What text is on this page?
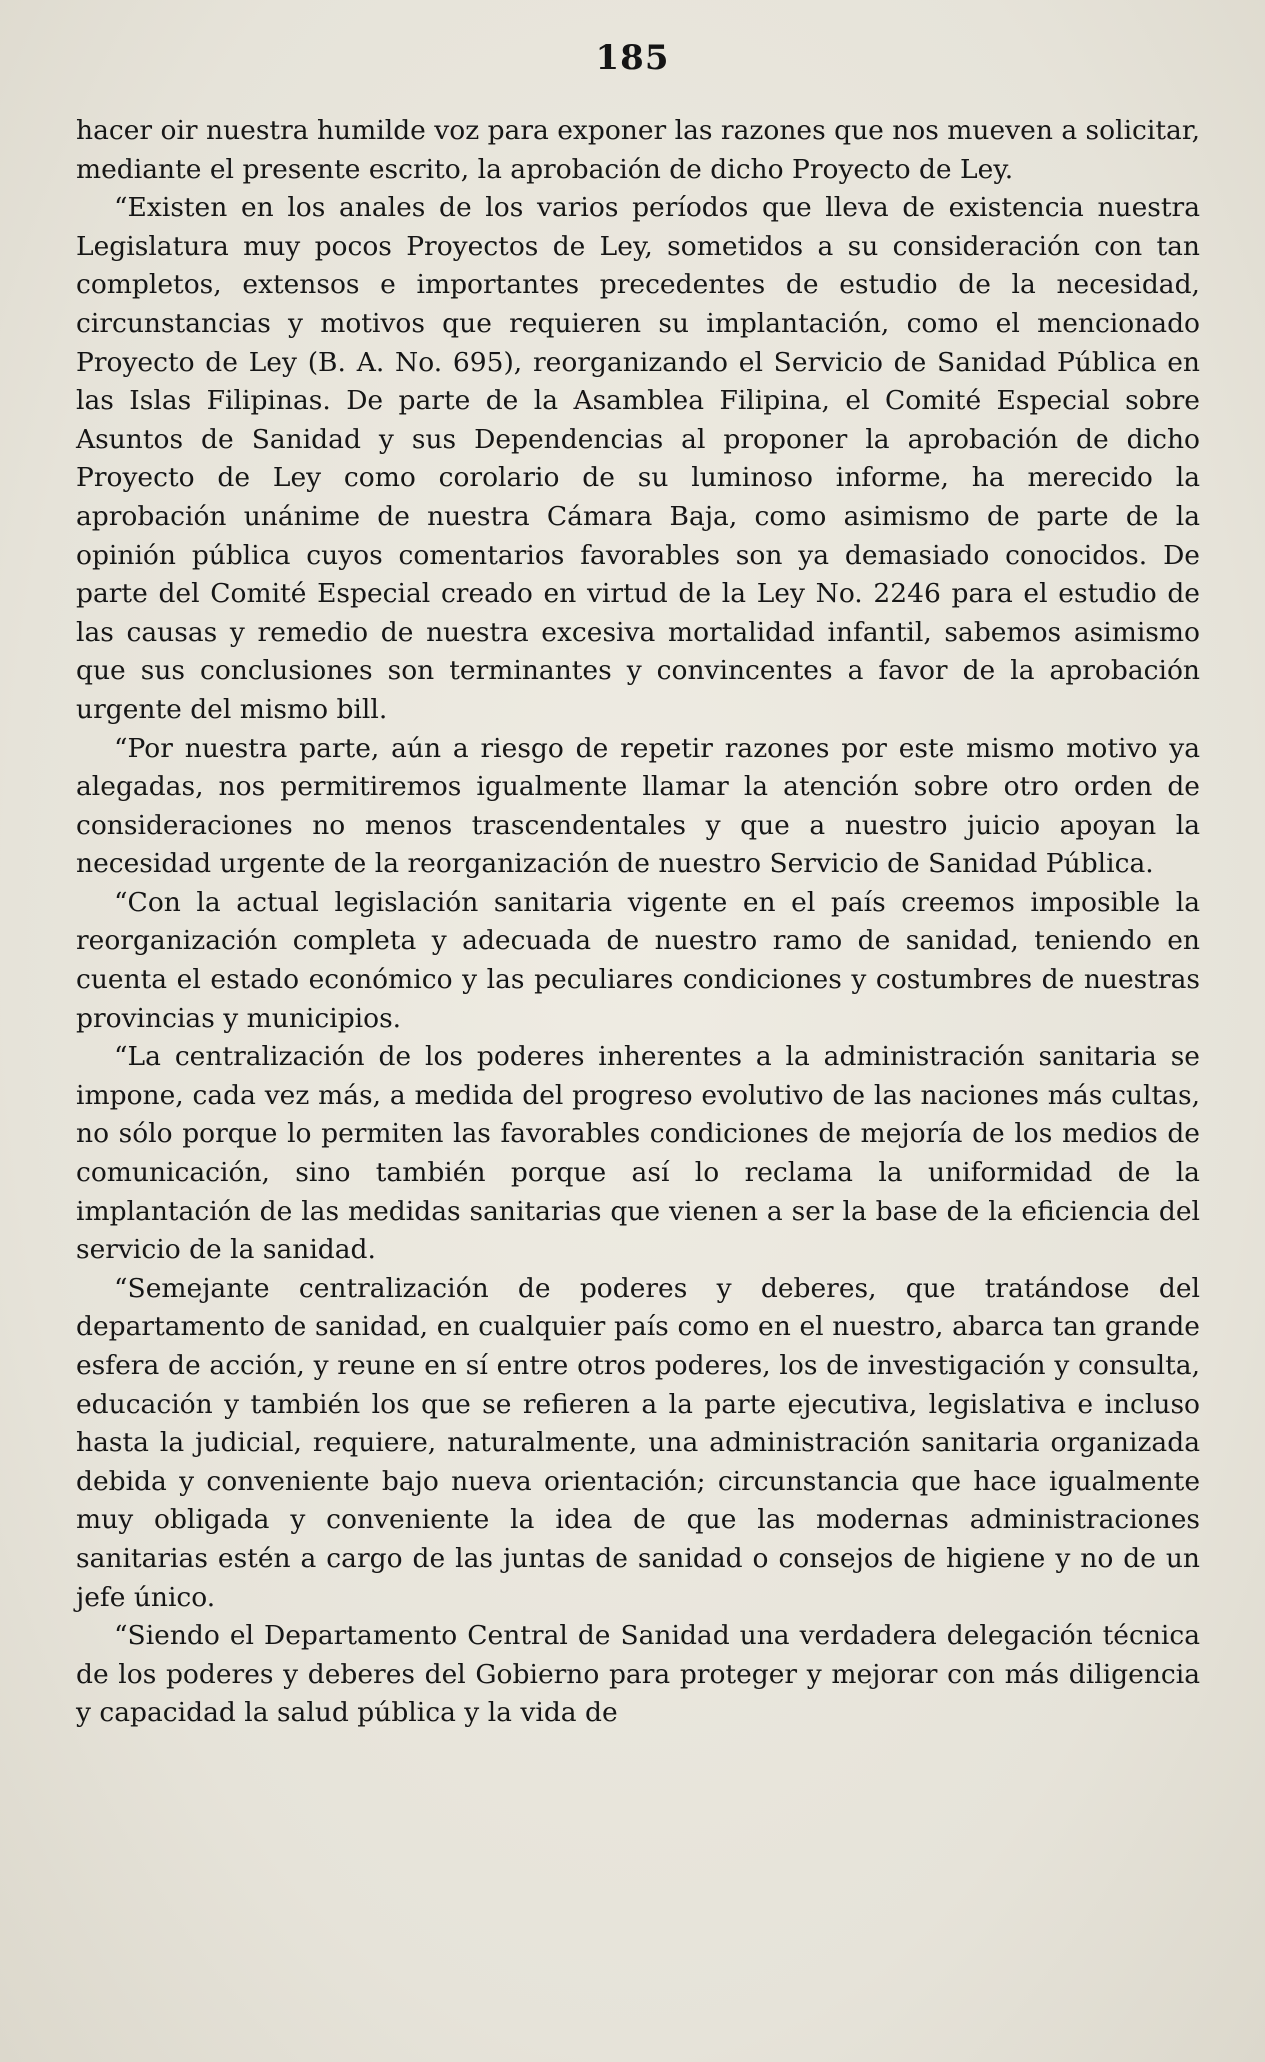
185

hacer oir nuestra humilde voz para exponer las razones que nos mueven a solicitar, mediante el presente escrito, la aprobación de dicho Proyecto de Ley.

“Existen en los anales de los varios períodos que lleva de existencia nuestra Legislatura muy pocos Proyectos de Ley, sometidos a su consideración con tan completos, extensos e importantes precedentes de estudio de la necesidad, circunstancias y motivos que requieren su implantación, como el mencionado Proyecto de Ley (B. A. No. 695), reorganizando el Servicio de Sanidad Pública en las Islas Filipinas. De parte de la Asamblea Filipina, el Comité Especial sobre Asuntos de Sanidad y sus Dependencias al proponer la aprobación de dicho Proyecto de Ley como corolario de su luminoso informe, ha merecido la aprobación unánime de nuestra Cámara Baja, como asimismo de parte de la opinión pública cuyos comentarios favorables son ya demasiado conocidos. De parte del Comité Especial creado en virtud de la Ley No. 2246 para el estudio de las causas y remedio de nuestra excesiva mortalidad infantil, sabemos asimismo que sus conclusiones son terminantes y convincentes a favor de la aprobación urgente del mismo bill.

“Por nuestra parte, aún a riesgo de repetir razones por este mismo motivo ya alegadas, nos permitiremos igualmente llamar la atención sobre otro orden de consideraciones no menos trascendentales y que a nuestro juicio apoyan la necesidad urgente de la reorganización de nuestro Servicio de Sanidad Pública.

“Con la actual legislación sanitaria vigente en el país creemos imposible la reorganización completa y adecuada de nuestro ramo de sanidad, teniendo en cuenta el estado económico y las peculiares condiciones y costumbres de nuestras provincias y municipios.

“La centralización de los poderes inherentes a la administración sanitaria se impone, cada vez más, a medida del progreso evolutivo de las naciones más cultas, no sólo porque lo permiten las favorables condiciones de mejoría de los medios de comunicación, sino también porque así lo reclama la uniformidad de la implantación de las medidas sanitarias que vienen a ser la base de la eficiencia del servicio de la sanidad.

“Semejante centralización de poderes y deberes, que tratándose del departamento de sanidad, en cualquier país como en el nuestro, abarca tan grande esfera de acción, y reune en sí entre otros poderes, los de investigación y consulta, educación y también los que se refieren a la parte ejecutiva, legislativa e incluso hasta la judicial, requiere, naturalmente, una administración sanitaria organizada debida y conveniente bajo nueva orientación; circunstancia que hace igualmente muy obligada y conveniente la idea de que las modernas administraciones sanitarias estén a cargo de las juntas de sanidad o consejos de higiene y no de un jefe único.

“Siendo el Departamento Central de Sanidad una verdadera delegación técnica de los poderes y deberes del Gobierno para proteger y mejorar con más diligencia y capacidad la salud pública y la vida de
